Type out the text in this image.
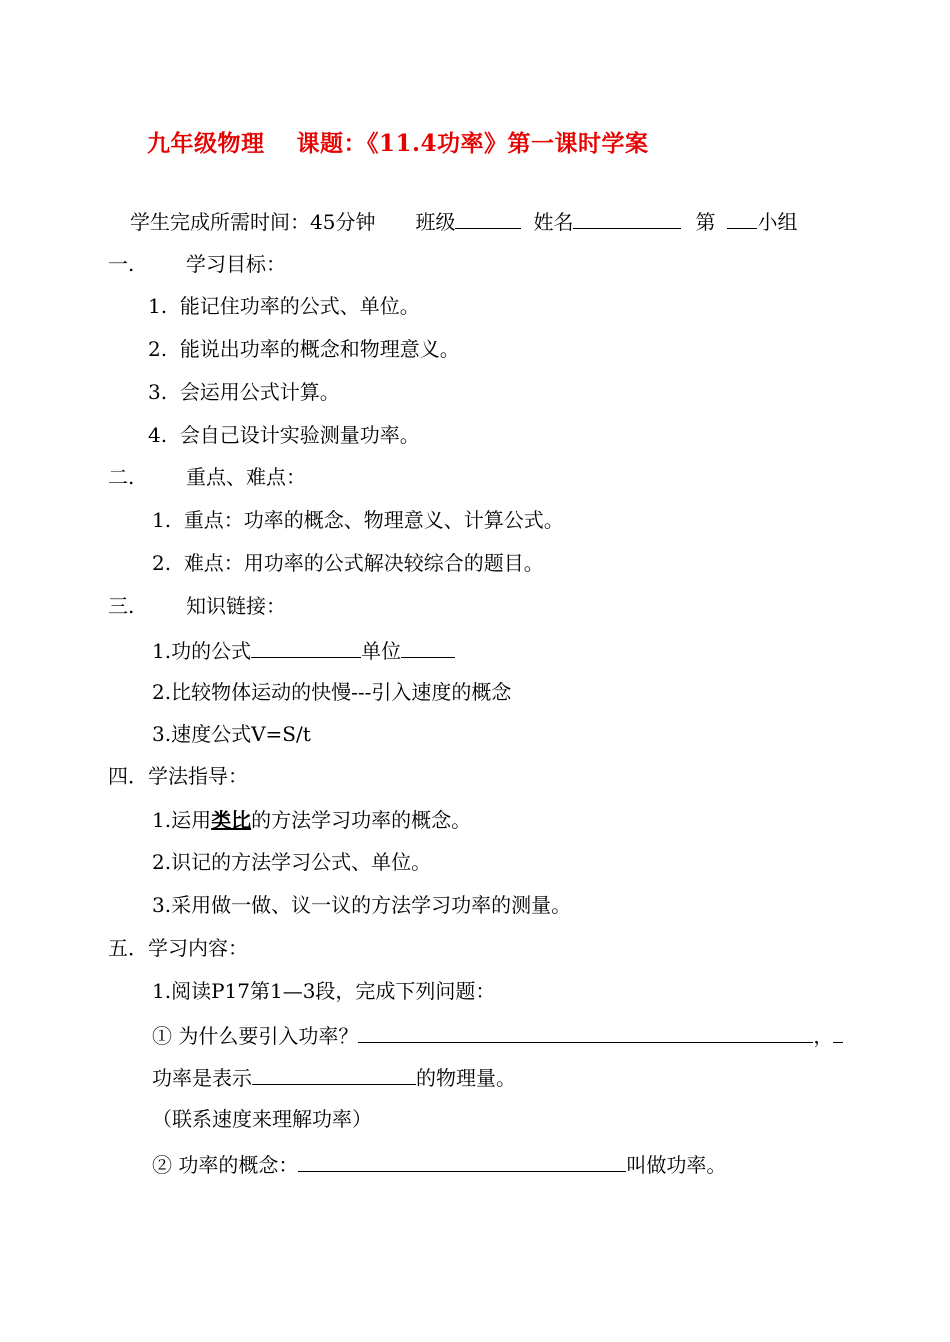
九年级物理　 课题：《11.4功率》第一课时学案
学生完成所需时间：45分钟 班级	姓名	第 小组
一.	学习目标：
1. 能记住功率的公式、单位。
2. 能说出功率的概念和物理意义。
3. 会运用公式计算。
4. 会自己设计实验测量功率。
二.	重点、难点：
1. 重点：功率的概念、物理意义、计算公式。
2. 难点：用功率的公式解决较综合的题目。
三.	知识链接：
1.功的公式	单位
2.比较物体运动的快慢---引入速度的概念
3.速度公式V=S/t
四．学法指导：
1.运用类比的方法学习功率的概念。
2.识记的方法学习公式、单位。
3.采用做一做、议一议的方法学习功率的测量。
五．学习内容：
1.阅读P17第1—3段，完成下列问题：
① 为什么要引入功率？	，
功率是表示	的物理量。
（联系速度来理解功率）
② 功率的概念：	叫做功率。
